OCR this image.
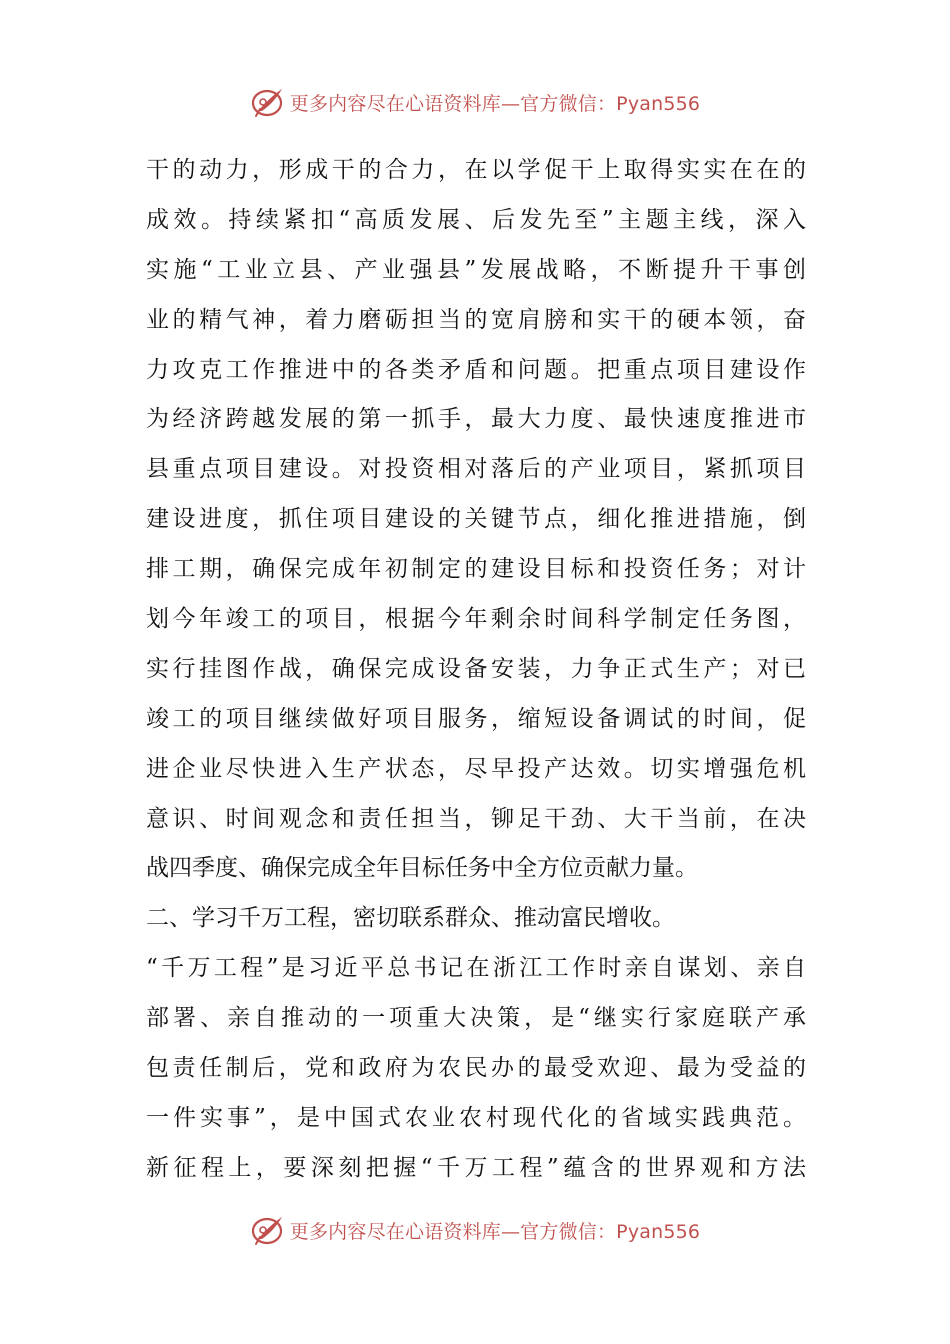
更多内容尽在心语资料库—官方微信：Pyan556
干的动力，形成干的合力，在以学促干上取得实实在在的
成效。持续紧扣“高质发展、后发先至”主题主线，深入
实施“工业立县、产业强县”发展战略，不断提升干事创
业的精气神，着力磨砺担当的宽肩膀和实干的硬本领，奋
力攻克工作推进中的各类矛盾和问题。把重点项目建设作
为经济跨越发展的第一抓手，最大力度、最快速度推进市
县重点项目建设。对投资相对落后的产业项目，紧抓项目
建设进度，抓住项目建设的关键节点，细化推进措施，倒
排工期，确保完成年初制定的建设目标和投资任务；对计
划今年竣工的项目，根据今年剩余时间科学制定任务图，
实行挂图作战，确保完成设备安装，力争正式生产；对已
竣工的项目继续做好项目服务，缩短设备调试的时间，促
进企业尽快进入生产状态，尽早投产达效。切实增强危机
意识、时间观念和责任担当，铆足干劲、大干当前，在决
战四季度、确保完成全年目标任务中全方位贡献力量。
二、学习千万工程，密切联系群众、推动富民增收。
“千万工程”是习近平总书记在浙江工作时亲自谋划、亲自
部署、亲自推动的一项重大决策，是“继实行家庭联产承
包责任制后，党和政府为农民办的最受欢迎、最为受益的
一件实事”，是中国式农业农村现代化的省域实践典范。
新征程上，要深刻把握“千万工程”蕴含的世界观和方法
更多内容尽在心语资料库—官方微信：Pyan556
